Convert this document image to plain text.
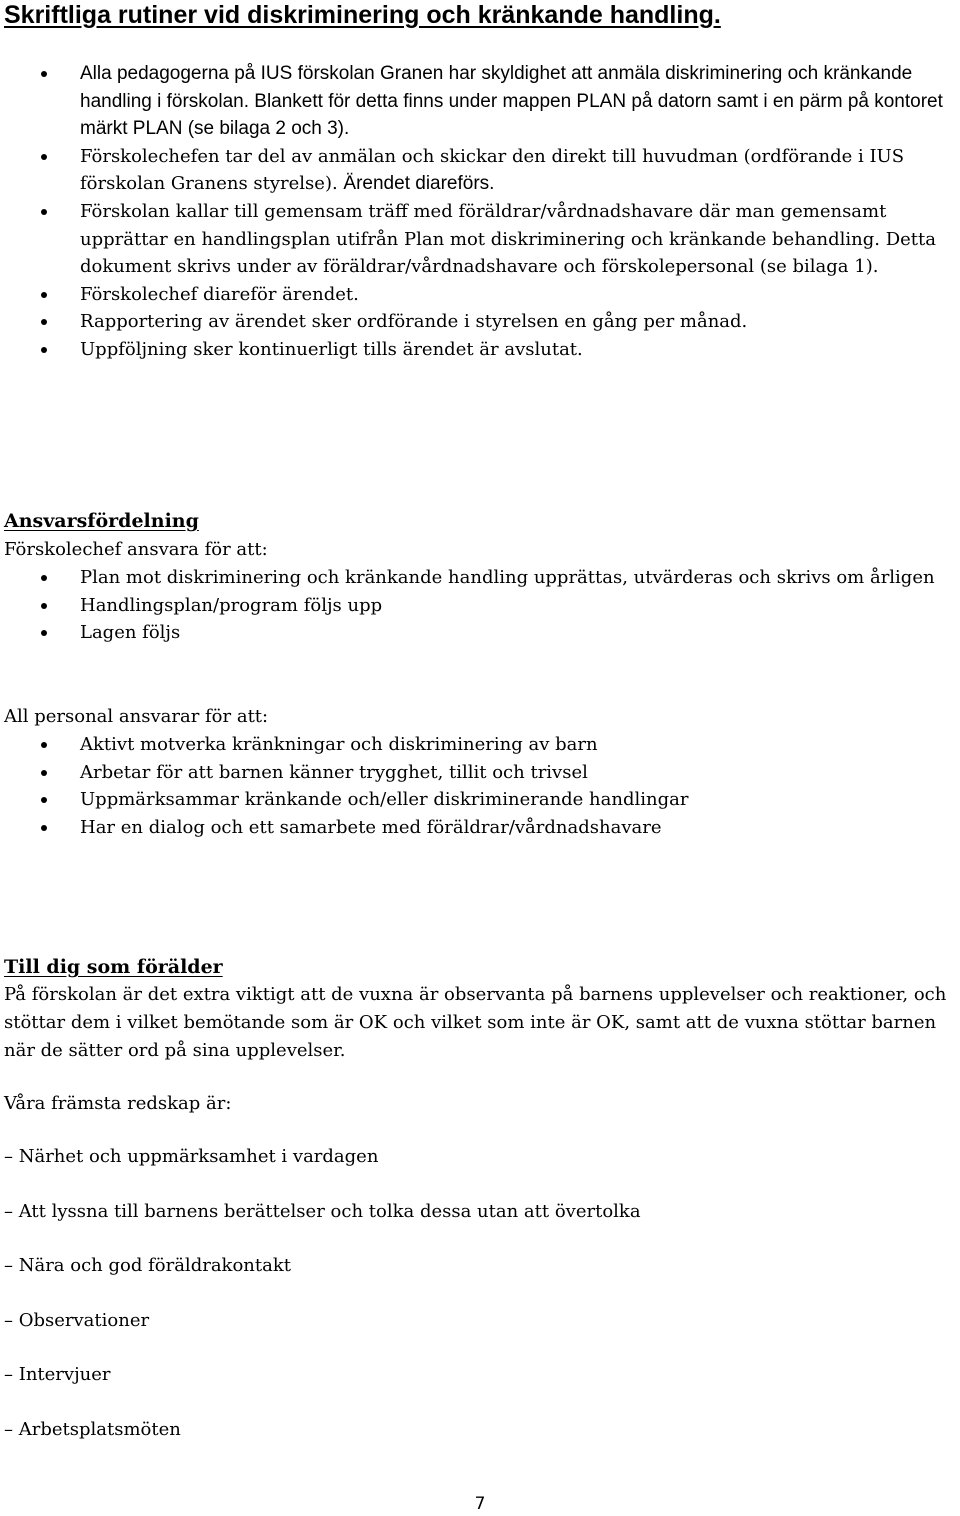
Skriftliga rutiner vid diskriminering och kränkande handling.
Alla pedagogerna på IUS förskolan Granen har skyldighet att anmäla diskriminering och kränkande handling i förskolan. Blankett för detta finns under mappen PLAN på datorn samt i en pärm på kontoret märkt PLAN (se bilaga 2 och 3).
Förskolechefen tar del av anmälan och skickar den direkt till huvudman (ordförande i IUS förskolan Granens styrelse). Ärendet diareförs.
Förskolan kallar till gemensam träff med föräldrar/vårdnadshavare där man gemensamt upprättar en handlingsplan utifrån Plan mot diskriminering och kränkande behandling. Detta dokument skrivs under av föräldrar/vårdnadshavare och förskolepersonal (se bilaga 1).
Förskolechef diareför ärendet.
Rapportering av ärendet sker ordförande i styrelsen en gång per månad.
Uppföljning sker kontinuerligt tills ärendet är avslutat.
Ansvarsfördelning

Förskolechef ansvara för att:

Plan mot diskriminering och kränkande handling upprättas, utvärderas och skrivs om årligen
Handlingsplan/program följs upp
Lagen följs

All personal ansvarar för att:

Aktivt motverka kränkningar och diskriminering av barn
Arbetar för att barnen känner trygghet, tillit och trivsel
Uppmärksammar kränkande och/eller diskriminerande handlingar
Har en dialog och ett samarbete med föräldrar/vårdnadshavare
Till dig som förälder

På förskolan är det extra viktigt att de vuxna är observanta på barnens upplevelser och reaktioner, och stöttar dem i vilket bemötande som är OK och vilket som inte är OK, samt att de vuxna stöttar barnen när de sätter ord på sina upplevelser.

Våra främsta redskap är:

– Närhet och uppmärksamhet i vardagen

– Att lyssna till barnens berättelser och tolka dessa utan att övertolka

– Nära och god föräldrakontakt

– Observationer

– Intervjuer

– Arbetsplatsmöten

7
